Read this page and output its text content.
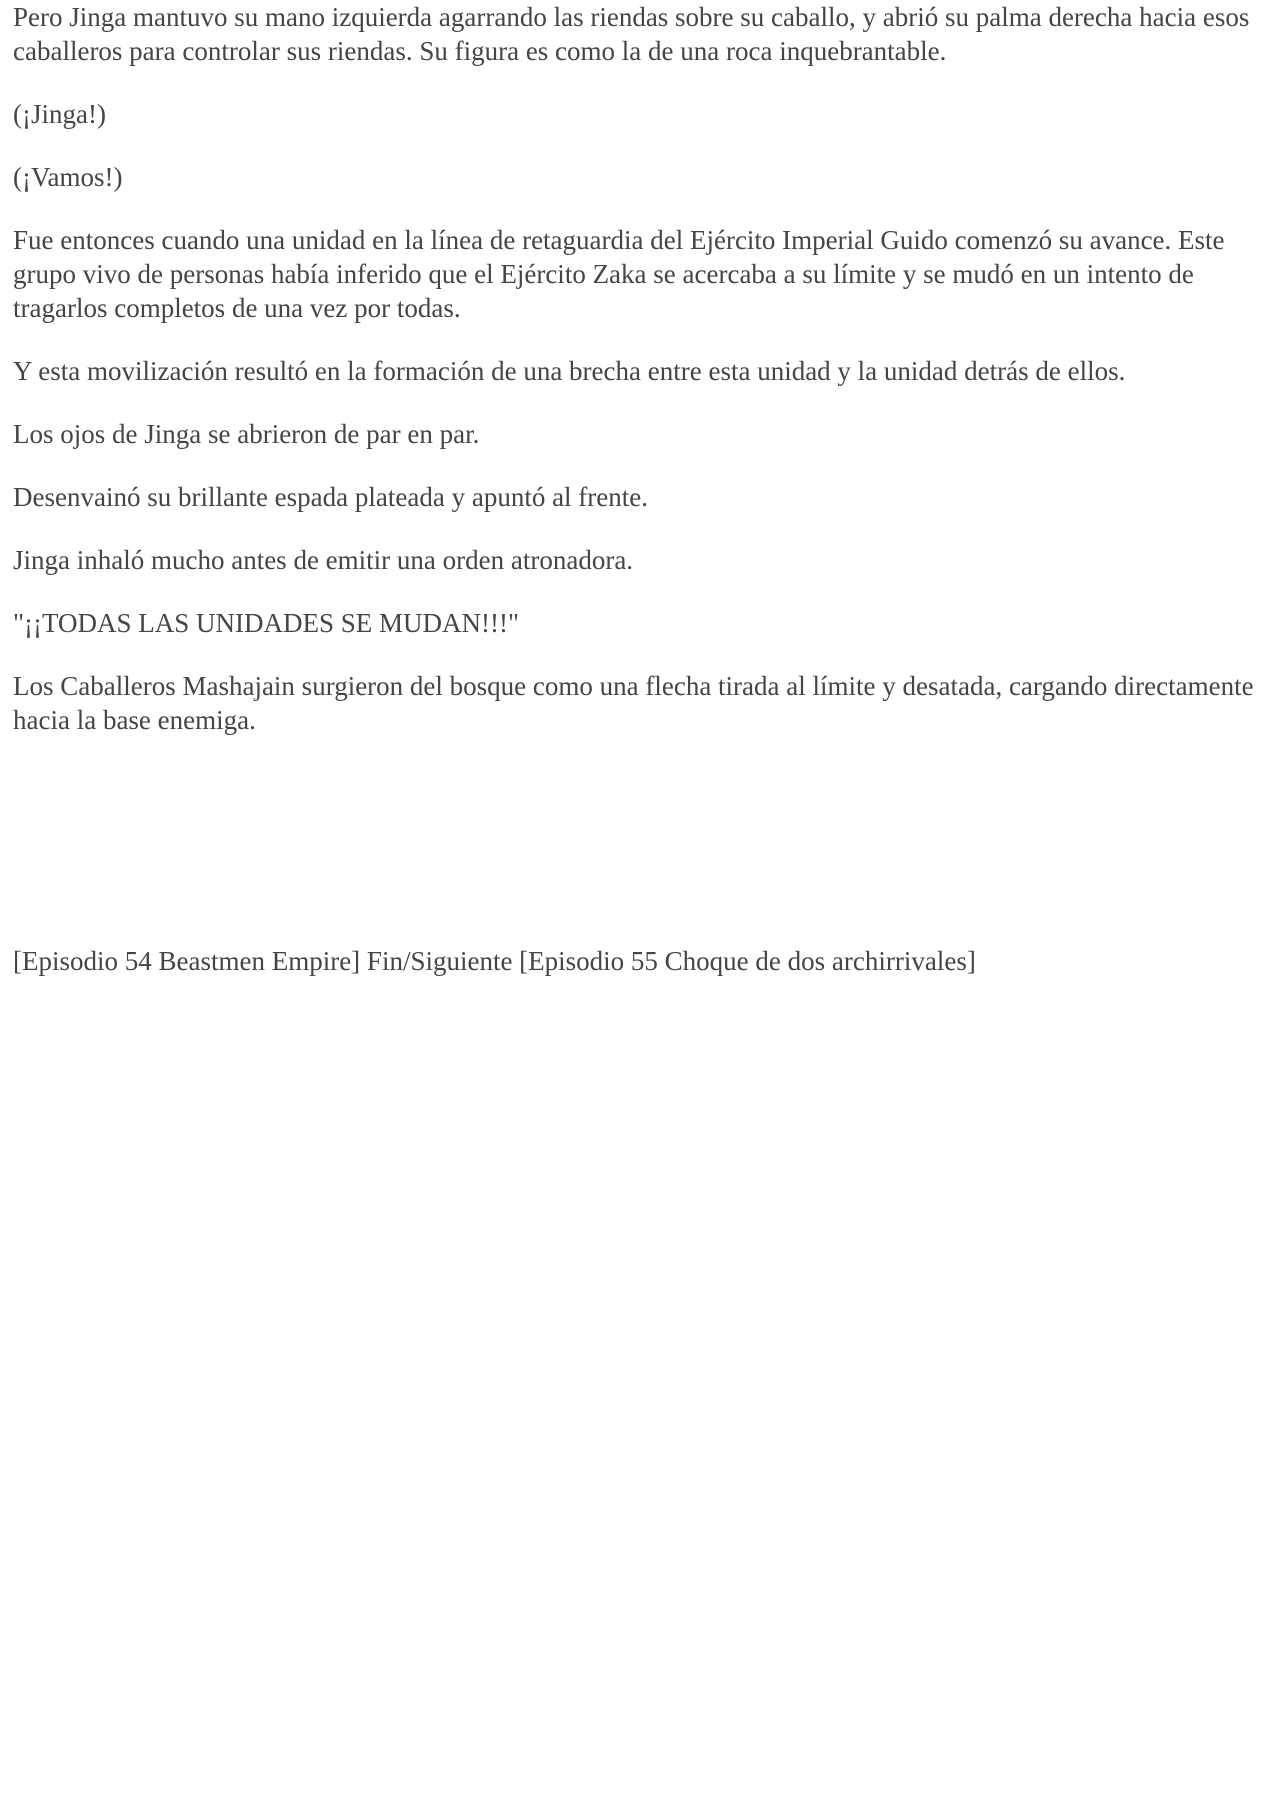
Pero Jinga mantuvo su mano izquierda agarrando las riendas sobre su caballo, y abrió su palma derecha hacia esos caballeros para controlar sus riendas. Su figura es como la de una roca inquebrantable.

(¡Jinga!)

(¡Vamos!)

Fue entonces cuando una unidad en la línea de retaguardia del Ejército Imperial Guido comenzó su avance. Este grupo vivo de personas había inferido que el Ejército Zaka se acercaba a su límite y se mudó en un intento de tragarlos completos de una vez por todas.

Y esta movilización resultó en la formación de una brecha entre esta unidad y la unidad detrás de ellos.

Los ojos de Jinga se abrieron de par en par.

Desenvainó su brillante espada plateada y apuntó al frente.

Jinga inhaló mucho antes de emitir una orden atronadora.

"¡¡TODAS LAS UNIDADES SE MUDAN!!!"

Los Caballeros Mashajain surgieron del bosque como una flecha tirada al límite y desatada, cargando directamente hacia la base enemiga.

[Episodio 54 Beastmen Empire] Fin/Siguiente [Episodio 55 Choque de dos archirrivales]
